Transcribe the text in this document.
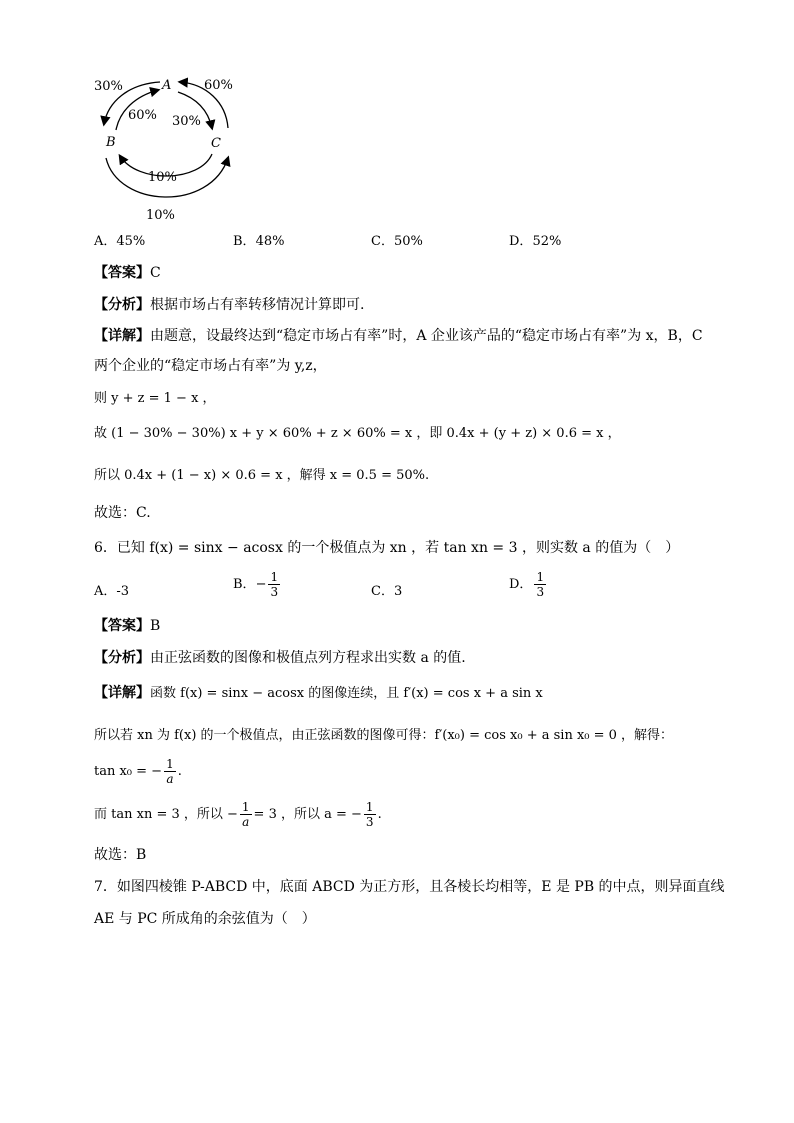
A
B	C
30%	60%
60% 30%
10%
10%
A．45%	B．48%	C．50%	D．52%
【答案】C
【分析】根据市场占有率转移情况计算即可.
【详解】由题意，设最终达到“稳定市场占有率”时，A 企业该产品的“稳定市场占有率”为 x，B，C
两个企业的“稳定市场占有率”为 y,z，
则 y + z = 1 − x ，
故 (1 − 30% − 30%) x + y × 60% + z × 60% = x ，即 0.4x + (y + z) × 0.6 = x ，
所以 0.4x + (1 − x) × 0.6 = x ，解得 x = 0.5 = 50%.
故选：C.
6．已知 f(x) = sinx − acosx 的一个极值点为 xn ，若 tan xn = 3 ，则实数 a 的值为（　）
A．-3	B．− $\frac{1}{3}$	C．3	D． $\frac{1}{3}$
【答案】B
【分析】由正弦函数的图像和极值点列方程求出实数 a 的值.
【详解】函数 f(x) = sinx − acosx 的图像连续，且 f′(x) = cos x + a sin x
所以若 xn 为 f(x) 的一个极值点，由正弦函数的图像可得：f′(x₀) = cos x₀ + a sin x₀ = 0 ，解得：
tan x₀ = − $\frac{1}{a}$ .
而 tan xn = 3 ，所以 − $\frac{1}{a} = 3$ ，所以 a = − $\frac{1}{3}$ .
故选：B
7．如图四棱锥 P-ABCD 中，底面 ABCD 为正方形，且各棱长均相等，E 是 PB 的中点，则异面直线
AE 与 PC 所成角的余弦值为（　）
